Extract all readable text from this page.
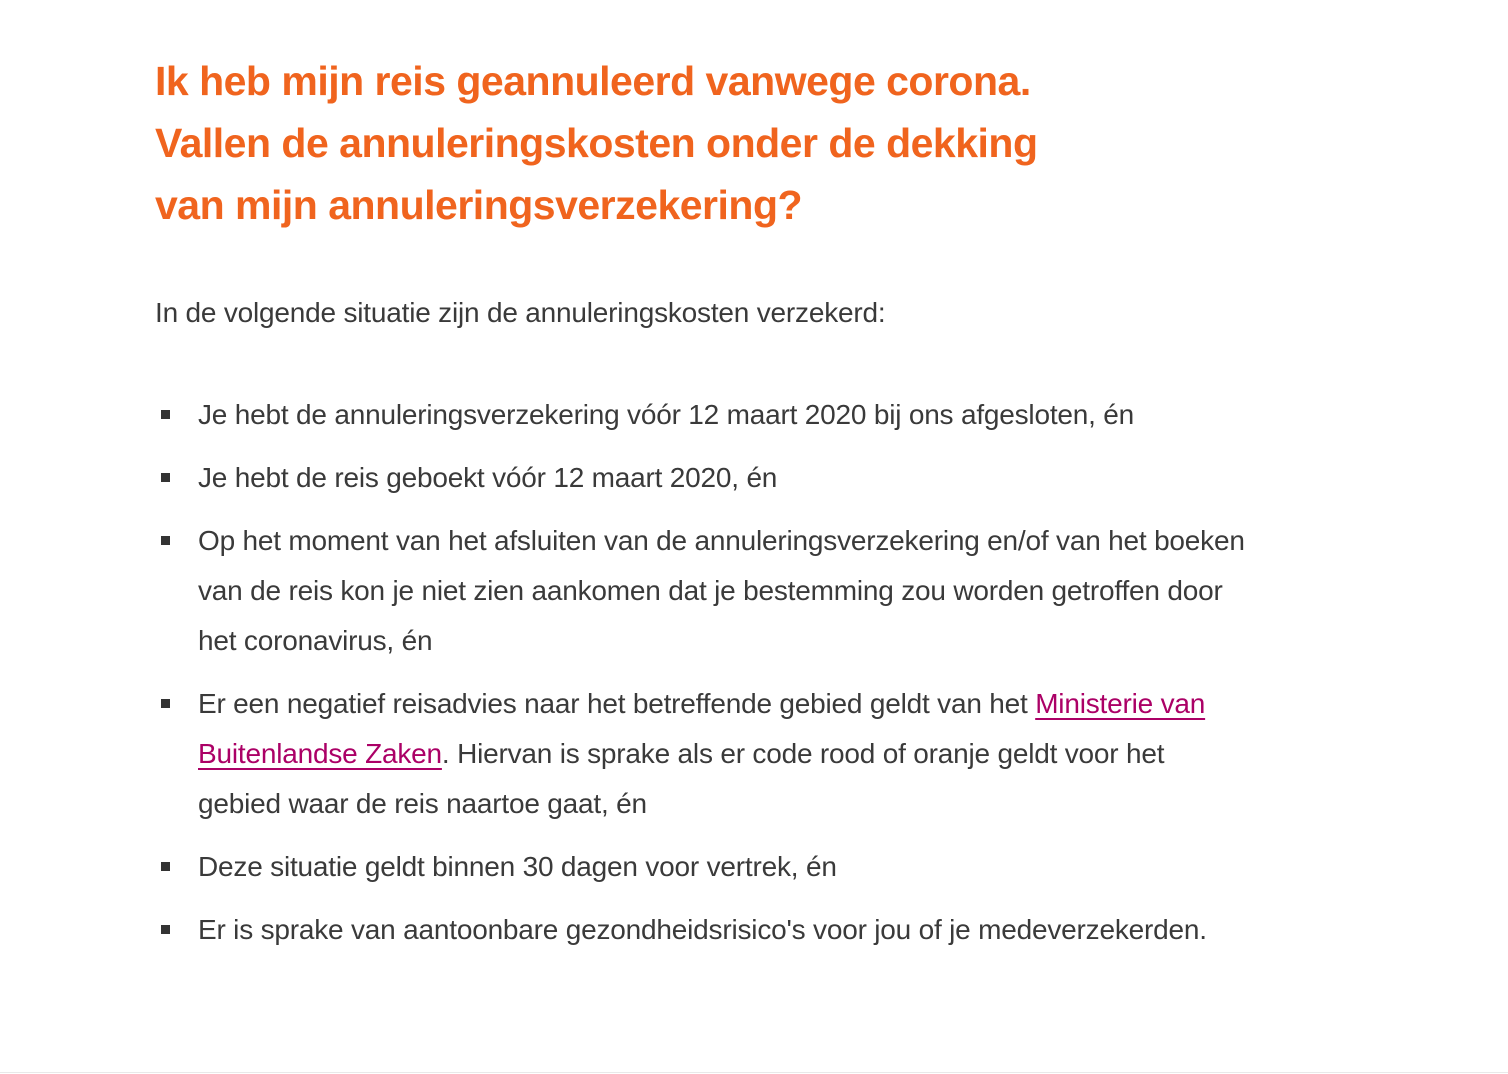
Ik heb mijn reis geannuleerd vanwege corona.
Vallen de annuleringskosten onder de dekking
van mijn annuleringsverzekering?

In de volgende situatie zijn de annuleringskosten verzekerd:

Je hebt de annuleringsverzekering vóór 12 maart 2020 bij ons afgesloten, én
Je hebt de reis geboekt vóór 12 maart 2020, én
Op het moment van het afsluiten van de annuleringsverzekering en/of van het boeken van de reis kon je niet zien aankomen dat je bestemming zou worden getroffen door het coronavirus, én
Er een negatief reisadvies naar het betreffende gebied geldt van het Ministerie van Buitenlandse Zaken. Hiervan is sprake als er code rood of oranje geldt voor het gebied waar de reis naartoe gaat, én
Deze situatie geldt binnen 30 dagen voor vertrek, én
Er is sprake van aantoonbare gezondheidsrisico's voor jou of je medeverzekerden.
